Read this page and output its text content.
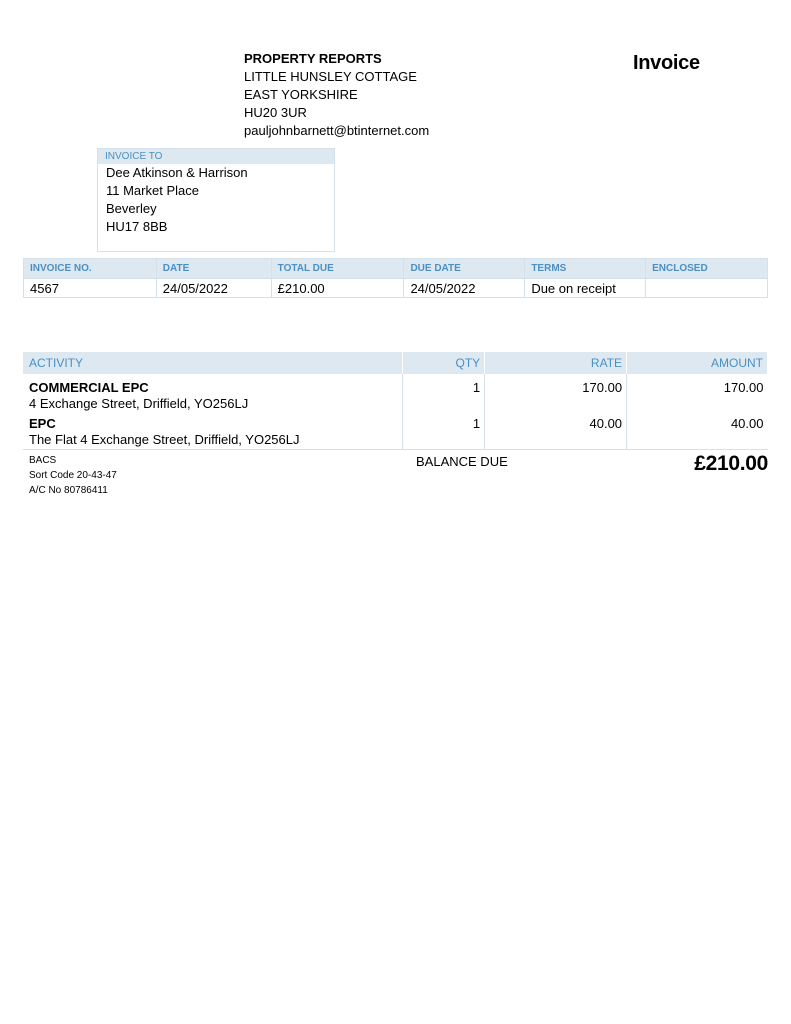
PROPERTY REPORTS
LITTLE HUNSLEY COTTAGE
EAST YORKSHIRE
HU20 3UR
pauljohnbarnett@btinternet.com
Invoice
INVOICE TO
Dee Atkinson & Harrison
11 Market Place
Beverley
HU17 8BB
INVOICE NO.	DATE	TOTAL DUE	DUE DATE	TERMS	ENCLOSED
4567	24/05/2022	£210.00	24/05/2022	Due on receipt	
ACTIVITY	QTY	RATE	AMOUNT

COMMERCIAL EPC
4 Exchange Street, Driffield, YO256LJ	1	170.00	170.00

EPC
The Flat 4 Exchange Street, Driffield, YO256LJ	1	40.00	40.00
BACS
Sort Code 20-43-47
A/C No 80786411
BALANCE DUE	£210.00
